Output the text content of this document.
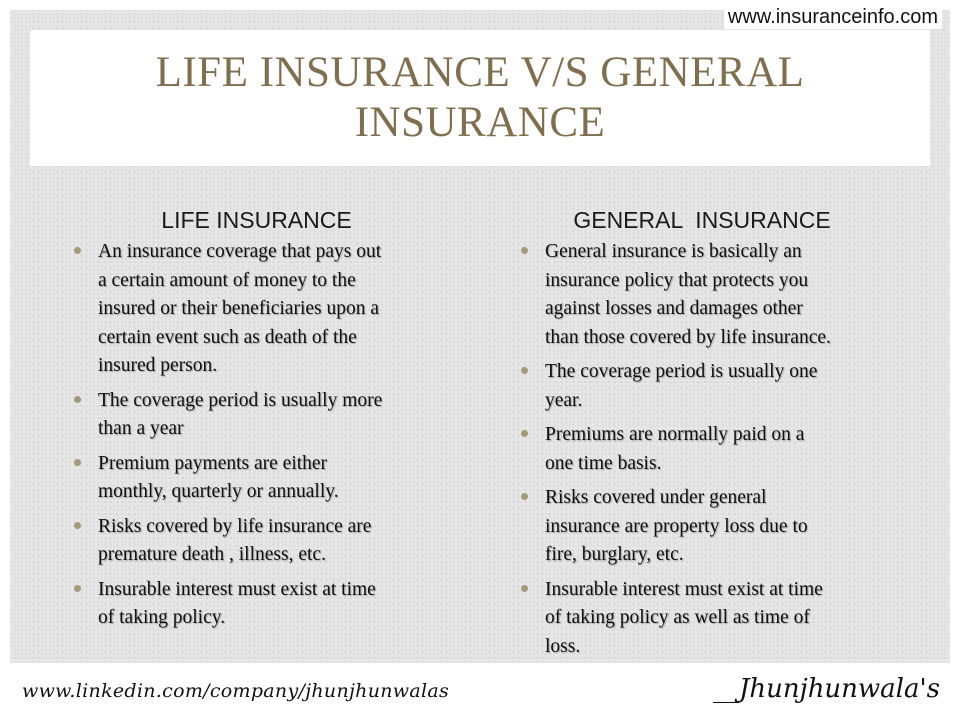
LIFE INSURANCE V/S GENERAL INSURANCE
LIFE INSURANCE
An insurance coverage that pays out
a certain amount of money to the
insured or their beneficiaries upon a
certain event such as death of the
insured person.
The coverage period is usually more
than a year
Premium payments are either
monthly, quarterly or annually.
Risks covered by life insurance are
premature death , illness, etc.
Insurable interest must exist at time
of taking policy.
GENERAL  INSURANCE
General insurance is basically an
insurance policy that protects you
against losses and damages other
than those covered by life insurance.
The coverage period is usually one
year.
Premiums are normally paid on a
one time basis.
Risks covered under general
insurance are property loss due to
fire, burglary, etc.
Insurable interest must exist at time
of taking policy as well as time of
loss.
www.insuranceinfo.com
www.linkedin.com/company/jhunjhunwalas	__Jhunjhunwala's
